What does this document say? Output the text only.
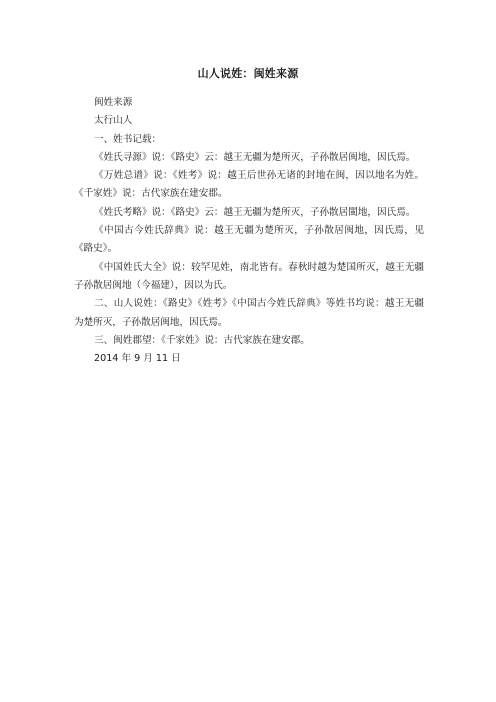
山人说姓：闽姓来源

闽姓来源

太行山人

一、姓书记载：

《姓氏寻源》说：《路史》云：越王无疆为楚所灭，子孙散居闽地，因氏焉。

《万姓总谱》说：《姓考》说：越王后世孙无诸的封地在闽，因以地名为姓。《千家姓》说：古代家族在建安郡。

《姓氏考略》说：《路史》云：越王无疆为楚所灭，子孙散居閩地，因氏焉。

《中国古今姓氏辞典》说：越王无疆为楚所灭，子孙散居闽地，因氏焉，见《路史》。

《中国姓氏大全》说：较罕见姓，南北皆有。春秋时越为楚国所灭，越王无疆子孙散居闽地（今福建），因以为氏。

二、山人说姓：《路史》《姓考》《中国古今姓氏辞典》等姓书均说：越王无疆为楚所灭，子孙散居闽地，因氏焉。

三、闽姓郡望：《千家姓》说：古代家族在建安郡。

2014 年 9 月 11 日
